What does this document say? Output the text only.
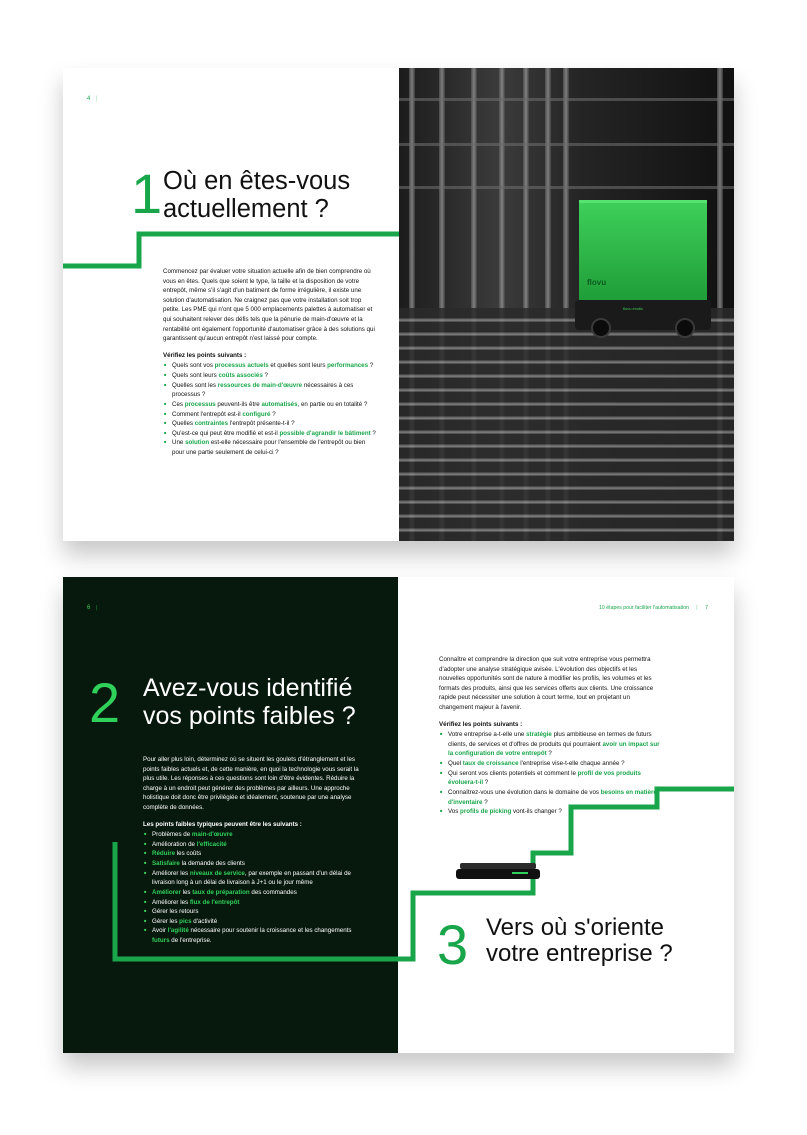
4 |
1 Où en êtes-vous
actuellement ?
Commencez par évaluer votre situation actuelle afin de bien comprendre où vous en êtes. Quels que soient le type, la taille et la disposition de votre entrepôt, même s'il s'agit d'un batiment de forme irrégulière, il existe une solution d'automatisation. Ne craignez pas que votre installation soit trop petite. Les PME qui n'ont que 5 000 emplacements palettes à automatiser et qui souhaitent relever des défis tels que la pénurie de main-d'œuvre et la rentabilité ont également l'opportunité d'automatiser grâce à des solutions qui garantissent qu'aucun entrepôt n'est laissé pour compte.
Vérifiez les points suivants :
■ Quels sont vos processus actuels et quelles sont leurs performances ?
■ Quels sont leurs coûts associés ?
■ Quelles sont les ressources de main-d'œuvre nécessaires à ces processus ?
■ Ces processus peuvent-ils être automatisés, en partie ou en totalité ?
■ Comment l'entrepôt est-il configuré ?
■ Quelles contraintes l'entrepôt présente-t-il ?
■ Qu'est-ce qui peut être modifié et est-il possible d'agrandir le bâtiment ?
■ Une solution est-elle nécessaire pour l'ensemble de l'entrepôt ou bien pour une partie seulement de celui-ci ?
flovu
flovu exotic
6 |
2 Avez-vous identifié
vos points faibles ?
Pour aller plus loin, déterminez où se situent les goulets d'étranglement et les points faibles actuels et, de cette manière, en quoi la technologie vous serait la plus utile. Les réponses à ces questions sont loin d'être évidentes. Réduire la charge à un endroit peut générer des problèmes par ailleurs. Une approche holistique doit donc être privilégiée et idéalement, soutenue par une analyse complète de données.
Les points faibles typiques peuvent être les suivants :
■ Problèmes de main-d'œuvre
■ Amélioration de l'efficacité
■ Réduire les coûts
■ Satisfaire la demande des clients
■ Améliorer les niveaux de service, par exemple en passant d'un délai de livraison long à un délai de livraison à J+1 ou le jour même
■ Améliorer les taux de préparation des commandes
■ Améliorer les flux de l'entrepôt
■ Gérer les retours
■ Gérer les pics d'activité
■ Avoir l'agilité nécessaire pour soutenir la croissance et les changements futurs de l'entreprise.
10 étapes pour faciliter l'automatisation | 7
Connaître et comprendre la direction que suit votre entreprise vous permettra d'adopter une analyse stratégique avisée. L'évolution des objectifs et les nouvelles opportunités sont de nature à modifier les profils, les volumes et les formats des produits, ainsi que les services offerts aux clients. Une croissance rapide peut nécessiter une solution à court terme, tout en projetant un changement majeur à l'avenir.
Vérifiez les points suivants :
■ Votre entreprise a-t-elle une stratégie plus ambitieuse en termes de futurs clients, de services et d'offres de produits qui pourraient avoir un impact sur la configuration de votre entrepôt ?
■ Quel taux de croissance l'entreprise vise-t-elle chaque année ?
■ Qui seront vos clients potentiels et comment le profil de vos produits évoluera-t-il ?
■ Connaîtrez-vous une évolution dans le domaine de vos besoins en matière d'inventaire ?
■ Vos profils de picking vont-ils changer ?
3 Vers où s'oriente
votre entreprise ?
